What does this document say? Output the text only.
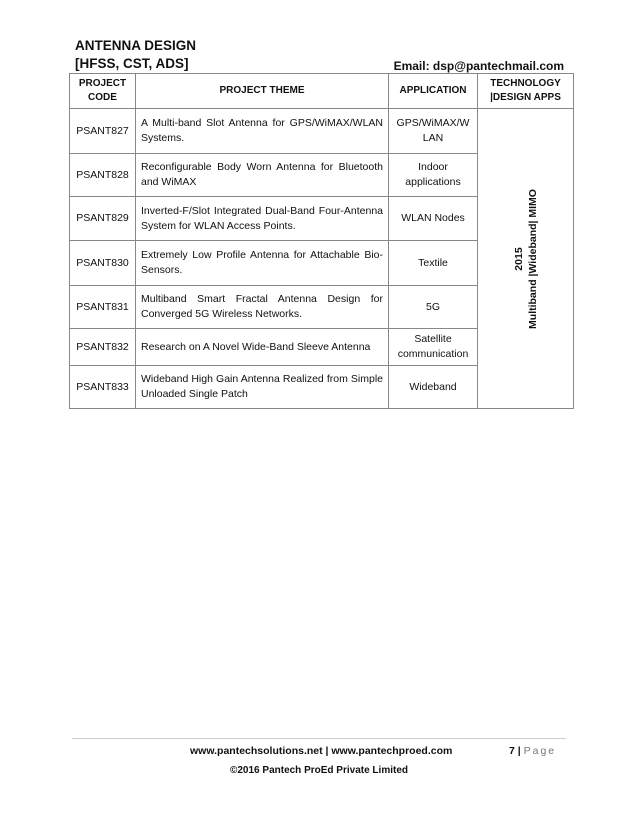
ANTENNA DESIGN
[HFSS, CST, ADS]	Email: dsp@pantechmail.com
PROJECT CODE	PROJECT THEME	APPLICATION	TECHNOLOGY |DESIGN APPS
PSANT827	A Multi-band Slot Antenna for GPS/WiMAX/WLAN Systems.	GPS/WiMAX/WLAN	2015 Multiband |Wideband| MIMO

PSANT828	Reconfigurable Body Worn Antenna for Bluetooth and WiMAX	Indoor applications	
PSANT829	Inverted-F/Slot Integrated Dual-Band Four-Antenna System for WLAN Access Points.	WLAN Nodes	
PSANT830	Extremely Low Profile Antenna for Attachable Bio-Sensors.	Textile	
PSANT831	Multiband Smart Fractal Antenna Design for Converged 5G Wireless Networks.	5G	
PSANT832	Research on A Novel Wide-Band Sleeve Antenna	Satellite communication	
PSANT833	Wideband High Gain Antenna Realized from Simple Unloaded Single Patch	Wideband	
www.pantechsolutions.net | www.pantechproed.com	7 | Page
©2016 Pantech ProEd Private Limited
